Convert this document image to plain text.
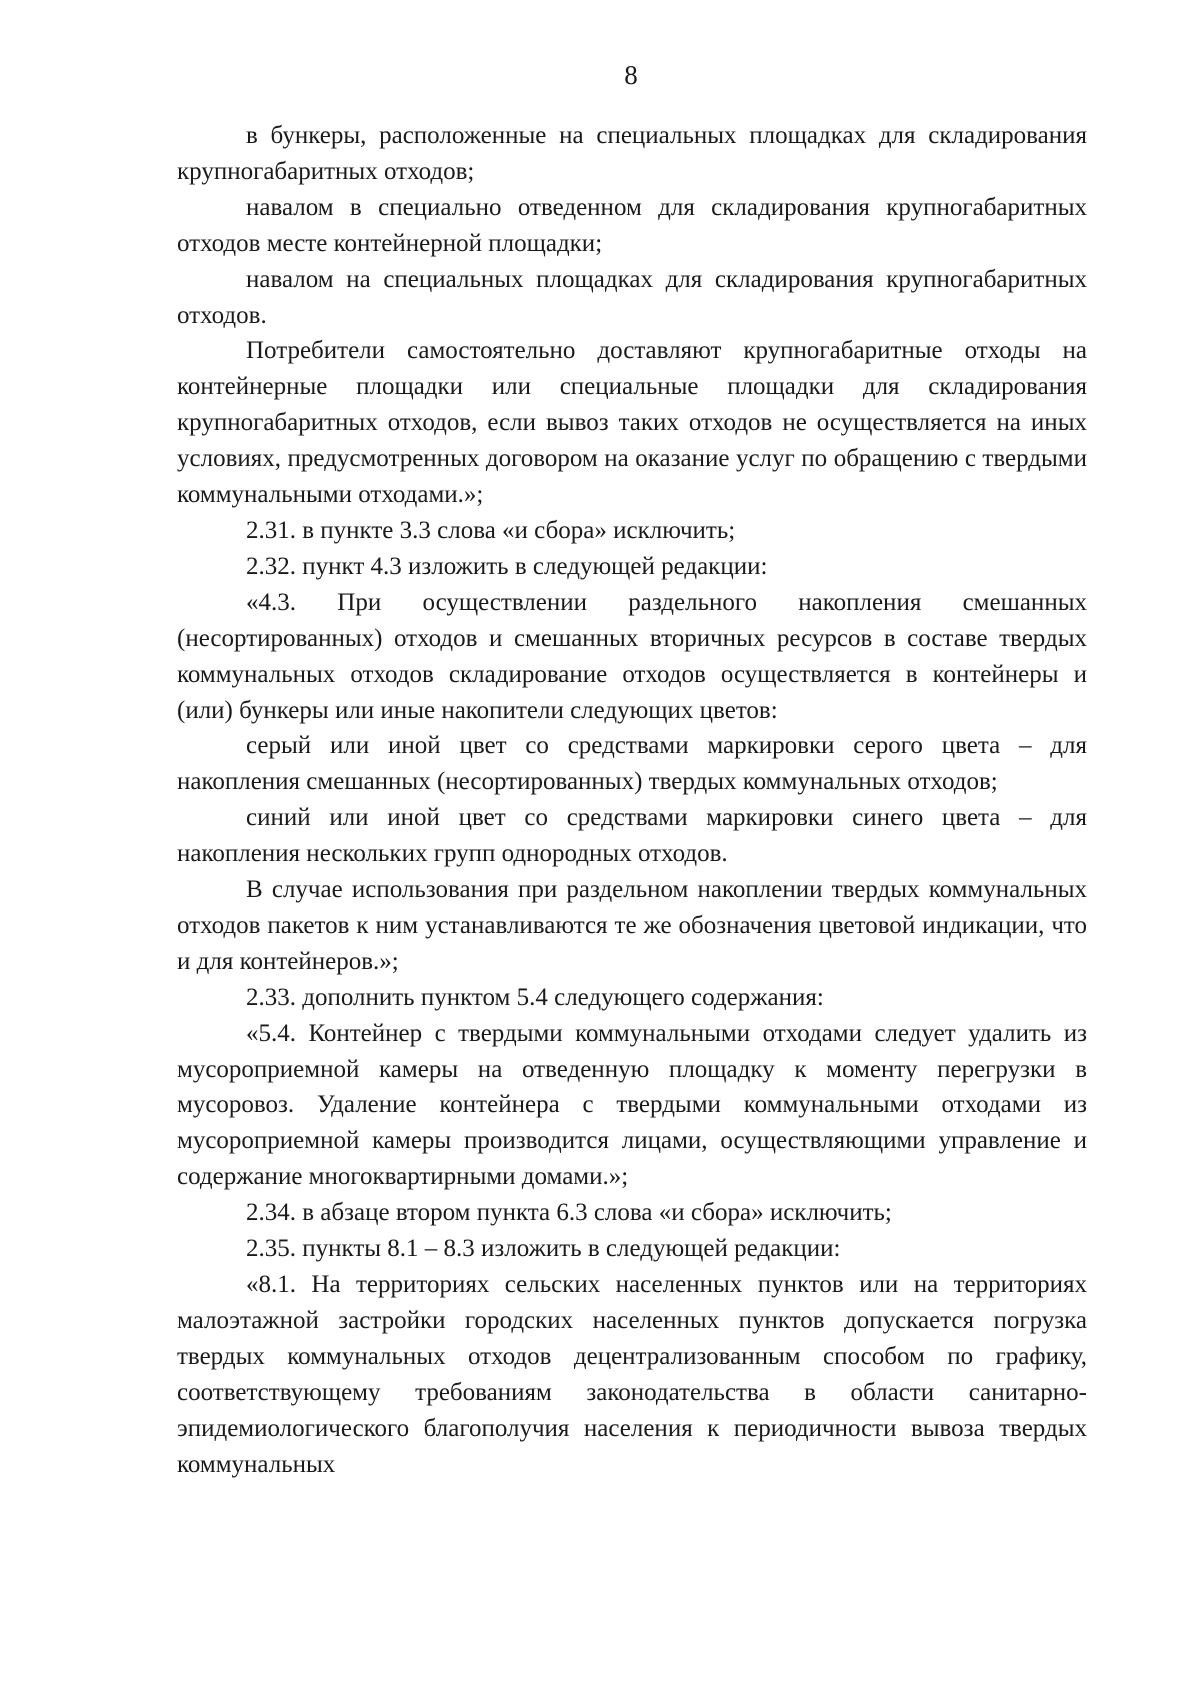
8

в бункеры, расположенные на специальных площадках для складирования крупногабаритных отходов;

навалом в специально отведенном для складирования крупногабаритных отходов месте контейнерной площадки;

навалом на специальных площадках для складирования крупногабаритных отходов.

Потребители самостоятельно доставляют крупногабаритные отходы на контейнерные площадки или специальные площадки для складирования крупногабаритных отходов, если вывоз таких отходов не осуществляется на иных условиях, предусмотренных договором на оказание услуг по обращению с твердыми коммунальными отходами.»;

2.31. в пункте 3.3 слова «и сбора» исключить;

2.32. пункт 4.3 изложить в следующей редакции:

«4.3. При осуществлении раздельного накопления смешанных (несортированных) отходов и смешанных вторичных ресурсов в составе твердых коммунальных отходов складирование отходов осуществляется в контейнеры и (или) бункеры или иные накопители следующих цветов:

серый или иной цвет со средствами маркировки серого цвета – для накопления смешанных (несортированных) твердых коммунальных отходов;

синий или иной цвет со средствами маркировки синего цвета – для накопления нескольких групп однородных отходов.

В случае использования при раздельном накоплении твердых коммунальных отходов пакетов к ним устанавливаются те же обозначения цветовой индикации, что и для контейнеров.»;

2.33. дополнить пунктом 5.4 следующего содержания:

«5.4. Контейнер с твердыми коммунальными отходами следует удалить из мусороприемной камеры на отведенную площадку к моменту перегрузки в мусоровоз. Удаление контейнера с твердыми коммунальными отходами из мусороприемной камеры производится лицами, осуществляющими управление и содержание многоквартирными домами.»;

2.34. в абзаце втором пункта 6.3 слова «и сбора» исключить;

2.35. пункты 8.1 – 8.3 изложить в следующей редакции:

«8.1. На территориях сельских населенных пунктов или на территориях малоэтажной застройки городских населенных пунктов допускается погрузка твердых коммунальных отходов децентрализованным способом по графику, соответствующему требованиям законодательства в области санитарно-эпидемиологического благополучия населения к периодичности вывоза твердых коммунальных
